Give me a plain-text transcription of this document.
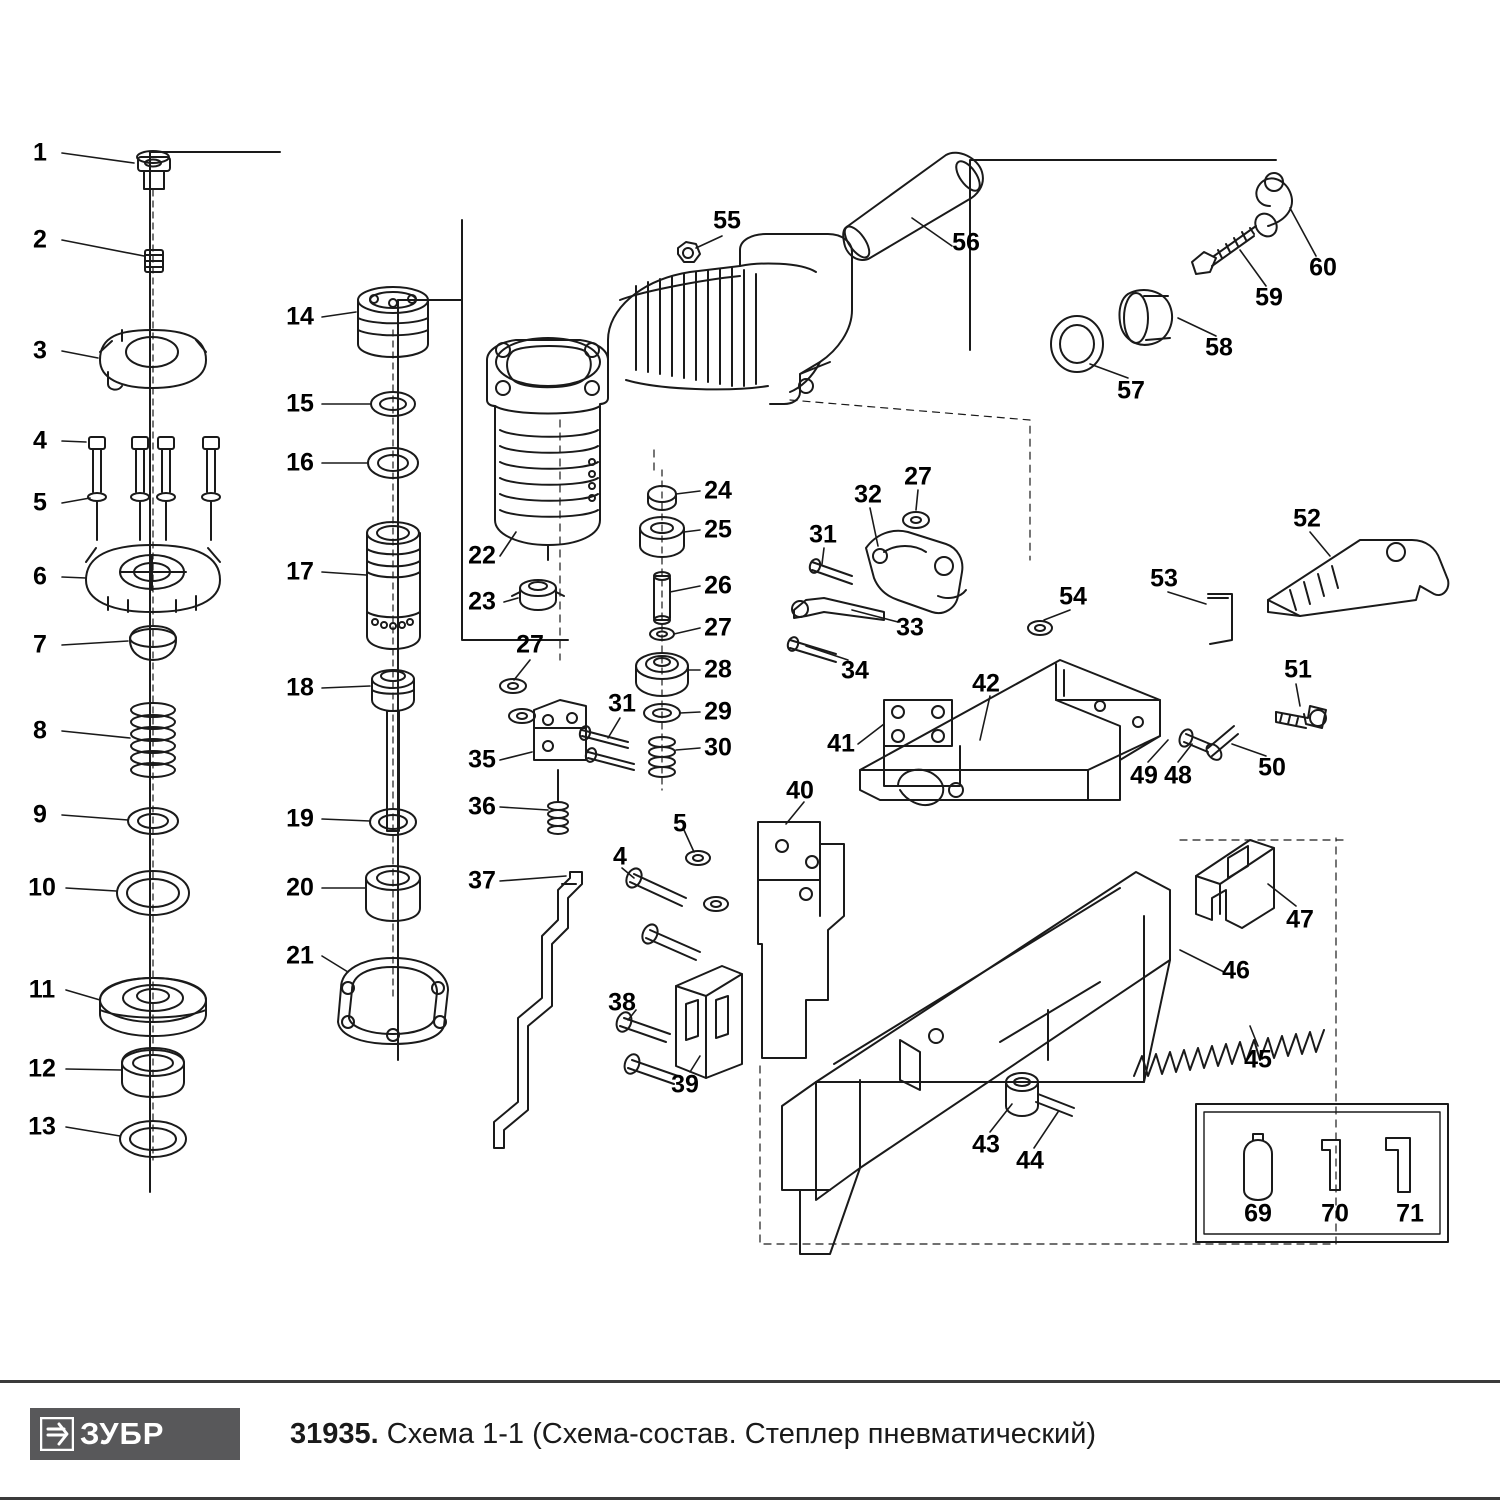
1
2
3
4
5
6
7
8
9
10
11
12
13
14
15
16
17
18
19
20
21
22
23
24
25
26
27
28
29
30
27
31
35
36
37
4
5
38
39
40
41
42
43
44
45
46
47
48
49	50
51
52
53
54
55
56
57
58
59
60
31
32
27
33
34
69 70 71
ЗУБР	31935. Схема 1-1 (Схема-состав. Степлер пневматический)
